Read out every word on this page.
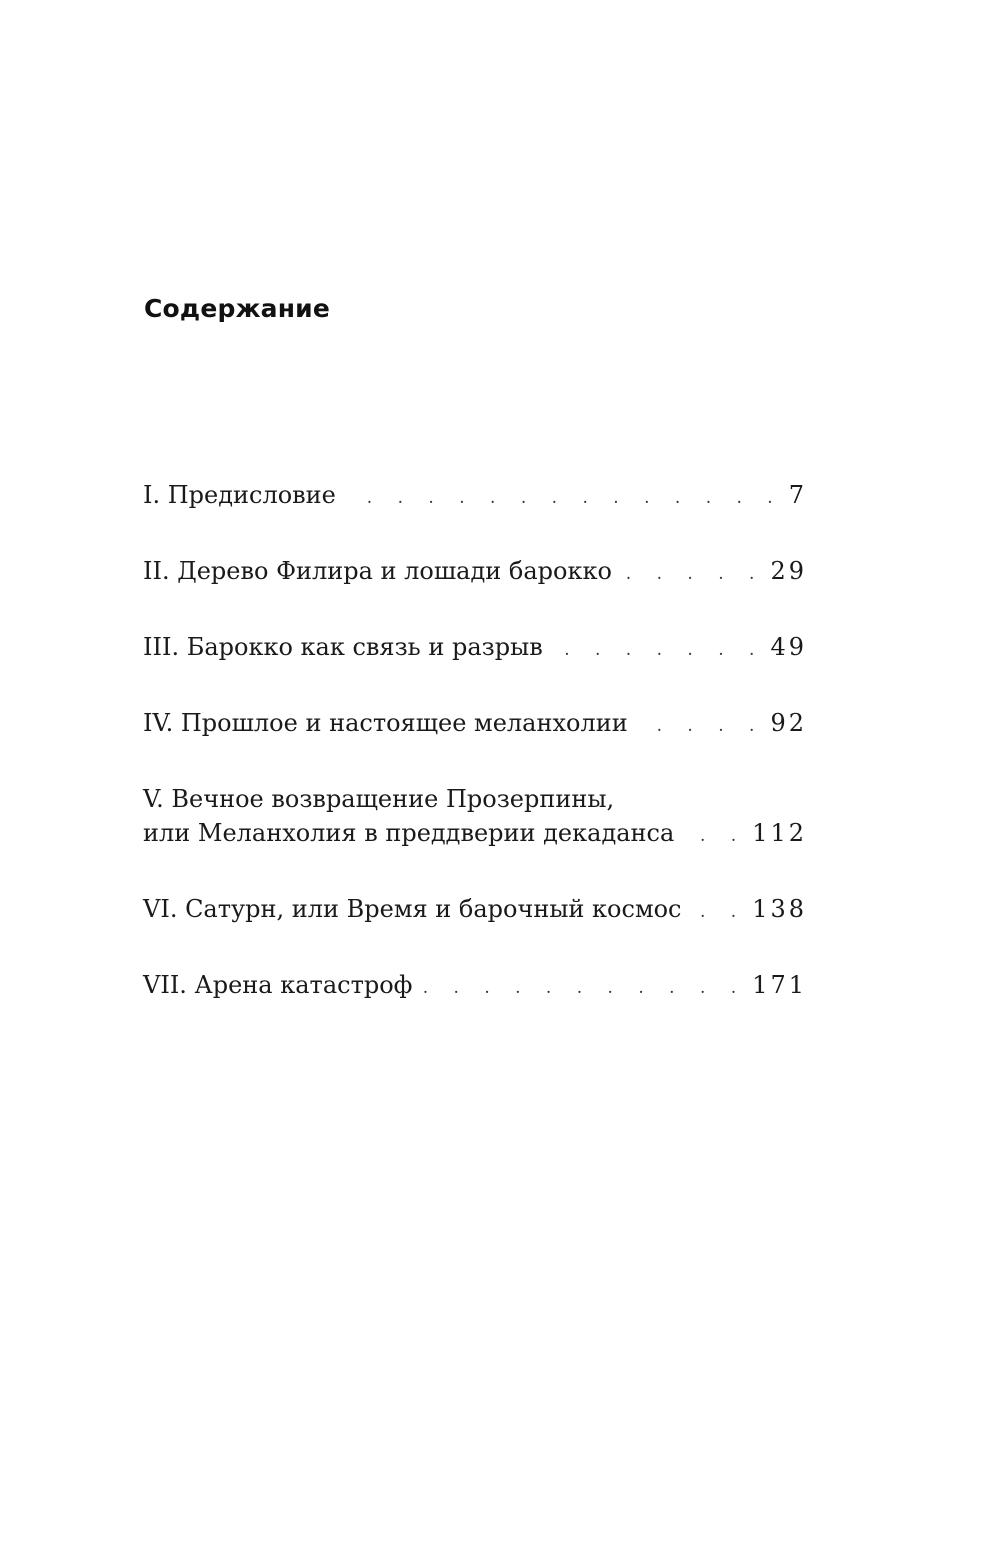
Содержание
I. Предисловие . . .	7
II. Дерево Филира и лошади барокко . . .	29
III. Барокко как связь и разрыв . . .	49
IV. Прошлое и настоящее меланхолии . . .	92
V. Вечное возвращение Прозерпины,
или Меланхолия в преддверии декаданса . . .	112
VI. Сатурн, или Время и барочный космос . . .	138
VII. Арена катастроф . . .	171
